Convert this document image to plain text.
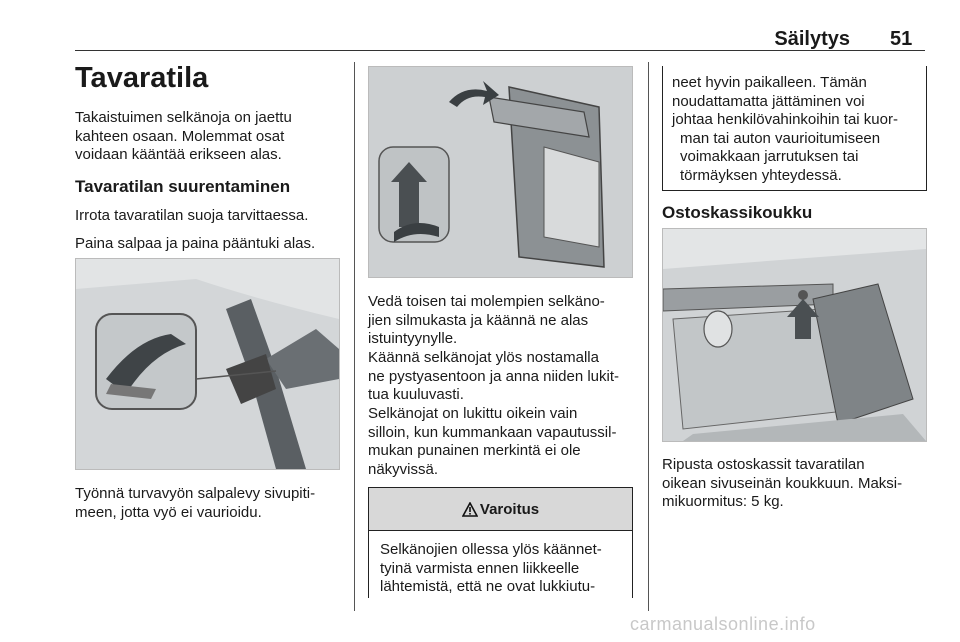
Säilytys 51
Tavaratila
Takaistuimen selkänoja on jaettu
kahteen osaan. Molemmat osat
voidaan kääntää erikseen alas.
Tavaratilan suurentaminen
Irrota tavaratilan suoja tarvittaessa.
Paina salpaa ja paina pääntuki alas.
Työnnä turvavyön salpalevy sivupiti-
meen, jotta vyö ei vaurioidu.
Vedä toisen tai molempien selkäno-
jien silmukasta ja käännä ne alas
istuintyynylle.
Käännä selkänojat ylös nostamalla
ne pystyasentoon ja anna niiden lukit-
tua kuuluvasti.
Selkänojat on lukittu oikein vain
silloin, kun kummankaan vapautussil-
mukan punainen merkintä ei ole
näkyvissä.
Varoitus
Selkänojien ollessa ylös käännet-
tyinä varmista ennen liikkeelle
lähtemistä, että ne ovat lukkiutu-
neet hyvin paikalleen. Tämän
noudattamatta jättäminen voi
johtaa henkilövahinkoihin tai kuor-
man tai auton vaurioitumiseen
voimakkaan jarrutuksen tai
törmäyksen yhteydessä.
Ostoskassikoukku
Ripusta ostoskassit tavaratilan
oikean sivuseinän koukkuun. Maksi-
mikuormitus: 5 kg.
carmanualsonline.info
